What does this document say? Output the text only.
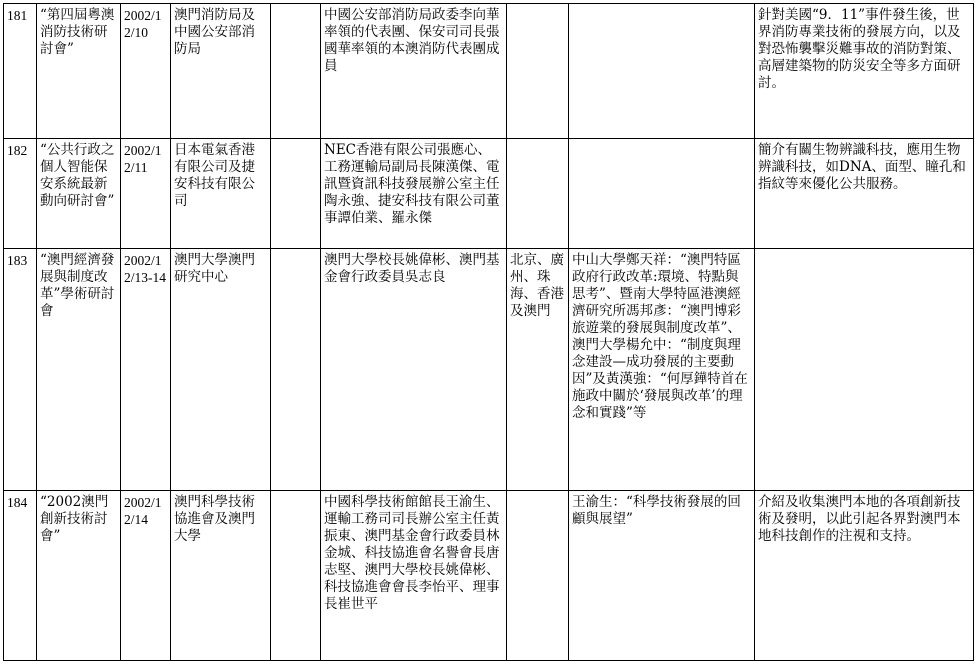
181	“第四屆粵澳消防技術研討會”	2002/12/10	澳門消防局及中國公安部消防局		中國公安部消防局政委李向華率領的代表團、保安司司長張國華率領的本澳消防代表團成員			針對美國“9．11”事件發生後，世界消防專業技術的發展方向，以及對恐怖襲擊災難事故的消防對策、高層建築物的防災安全等多方面研討。
182	“公共行政之個人智能保安系統最新動向研討會”	2002/12/11	日本電氣香港有限公司及捷安科技有限公司		NEC香港有限公司張應心、工務運輸局副局長陳漢傑、電訊暨資訊科技發展辦公室主任陶永強、捷安科技有限公司董事譚伯業、羅永傑			簡介有關生物辨識科技，應用生物辨識科技，如DNA、面型、瞳孔和指紋等來優化公共服務。
183	“澳門經濟發展與制度改革”學術研討會	2002/12/13-14	澳門大學澳門研究中心		澳門大學校長姚偉彬、澳門基金會行政委員吳志良	北京、廣州、珠海、香港及澳門	中山大學鄭天祥：“澳門特區政府行政改革:環境、特點與思考”、暨南大學特區港澳經濟研究所馮邦彥：“澳門博彩旅遊業的發展與制度改革”、澳門大學楊允中：“制度與理念建設—成功發展的主要動因”及黃漢強：“何厚鏵特首在施政中關於‘發展與改革’的理念和實踐”等	
184	“2002澳門創新技術討會”	2002/12/14	澳門科學技術協進會及澳門大學		中國科學技術館館長王渝生、運輸工務司司長辦公室主任黃振東、澳門基金會行政委員林金城、科技協進會名譽會長唐志堅、澳門大學校長姚偉彬、科技協進會會長李怡平、理事長崔世平		王渝生：“科學技術發展的回顧與展望”	介紹及收集澳門本地的各項創新技術及發明，以此引起各界對澳門本地科技創作的注視和支持。
